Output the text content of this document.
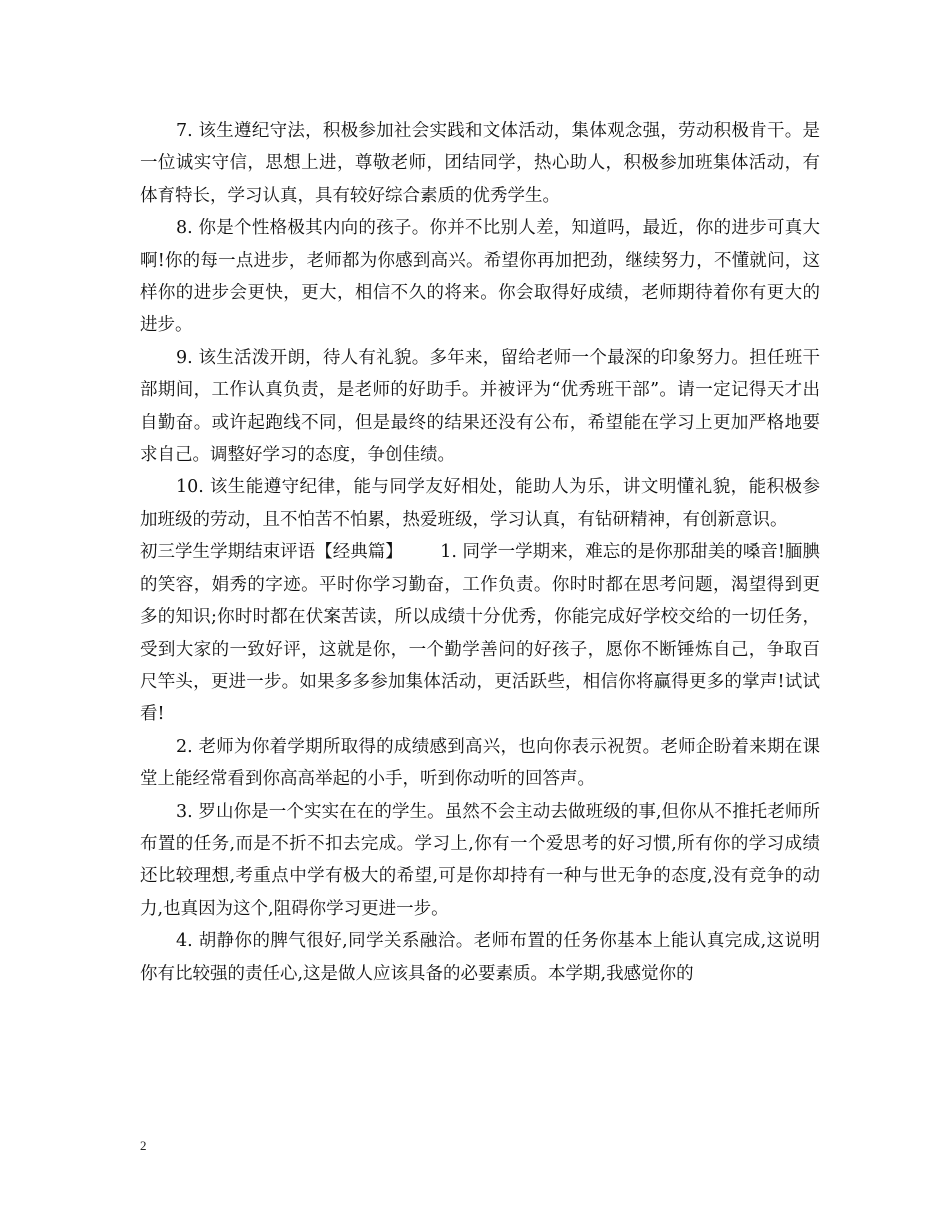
7. 该生遵纪守法，积极参加社会实践和文体活动，集体观念强，劳动积极肯干。是一位诚实守信，思想上进，尊敬老师，团结同学，热心助人，积极参加班集体活动，有体育特长，学习认真，具有较好综合素质的优秀学生。

8. 你是个性格极其内向的孩子。你并不比别人差，知道吗，最近，你的进步可真大啊!你的每一点进步，老师都为你感到高兴。希望你再加把劲，继续努力，不懂就问，这样你的进步会更快，更大，相信不久的将来。你会取得好成绩，老师期待着你有更大的进步。

9. 该生活泼开朗，待人有礼貌。多年来，留给老师一个最深的印象努力。担任班干部期间，工作认真负责，是老师的好助手。并被评为“优秀班干部”。请一定记得天才出自勤奋。或许起跑线不同，但是最终的结果还没有公布，希望能在学习上更加严格地要求自己。调整好学习的态度，争创佳绩。

10. 该生能遵守纪律，能与同学友好相处，能助人为乐，讲文明懂礼貌，能积极参加班级的劳动，且不怕苦不怕累，热爱班级，学习认真，有钻研精神，有创新意识。

初三学生学期结束评语【经典篇】　　	1. 同学一学期来，难忘的是你那甜美的嗓音!腼腆的笑容，娟秀的字迹。平时你学习勤奋，工作负责。你时时都在思考问题，渴望得到更多的知识;你时时都在伏案苦读，所以成绩十分优秀，你能完成好学校交给的一切任务，受到大家的一致好评，这就是你，一个勤学善问的好孩子，愿你不断锤炼自己，争取百尺竿头，更进一步。如果多多参加集体活动，更活跃些，相信你将赢得更多的掌声!试试看!

2. 老师为你着学期所取得的成绩感到高兴，也向你表示祝贺。老师企盼着来期在课堂上能经常看到你高高举起的小手，听到你动听的回答声。

3. 罗山你是一个实实在在的学生。虽然不会主动去做班级的事,但你从不推托老师所布置的任务,而是不折不扣去完成。学习上,你有一个爱思考的好习惯,所有你的学习成绩还比较理想,考重点中学有极大的希望,可是你却持有一种与世无争的态度,没有竞争的动力,也真因为这个,阻碍你学习更进一步。

4. 胡静你的脾气很好,同学关系融洽。老师布置的任务你基本上能认真完成,这说明你有比较强的责任心,这是做人应该具备的必要素质。本学期,我感觉你的

2
